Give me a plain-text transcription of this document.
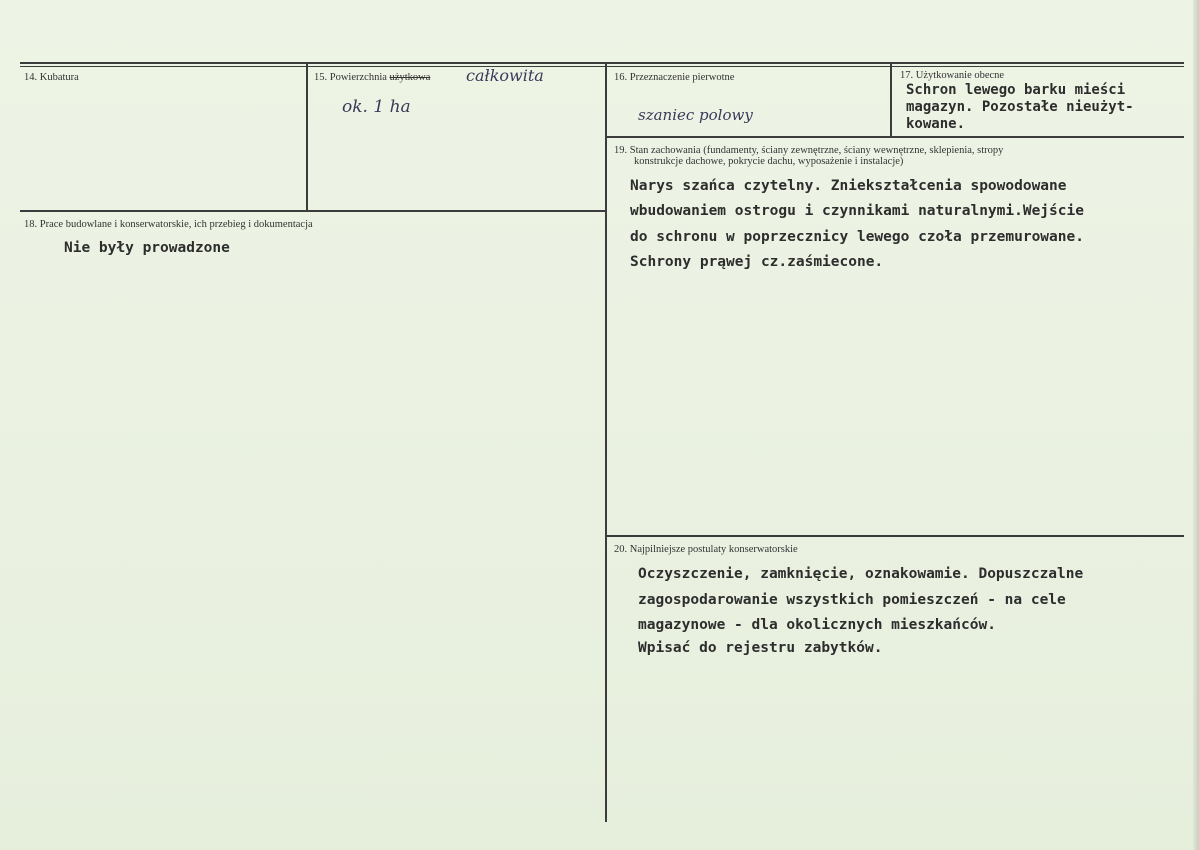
14. Kubatura	15. Powierzchnia użytkowa całkowita
ok. 1 ha
16. Przeznaczenie pierwotne
szaniec polowy
17. Użytkowanie obecne
Schron lewego barku mieści
magazyn. Pozostałe nieużyt-
kowane.
18. Prace budowlane i konserwatorskie, ich przebieg i dokumentacja
Nie były prowadzone
19. Stan zachowania (fundamenty, ściany zewnętrzne, ściany wewnętrzne, sklepienia, stropy
konstrukcje dachowe, pokrycie dachu, wyposażenie i instalacje)
Narys szańca czytelny. Zniekształcenia spowodowane
wbudowaniem ostrogu i czynnikami naturalnymi.Wejście
do schronu w poprzecznicy lewego czoła przemurowane.
Schrony prąwej cz.zaśmiecone.
20. Najpilniejsze postulaty konserwatorskie
Oczyszczenie, zamknięcie, oznakowamie. Dopuszczalne
zagospodarowanie wszystkich pomieszczeń - na cele
magazynowe - dla okolicznych mieszkańców.
Wpisać do rejestru zabytków.
